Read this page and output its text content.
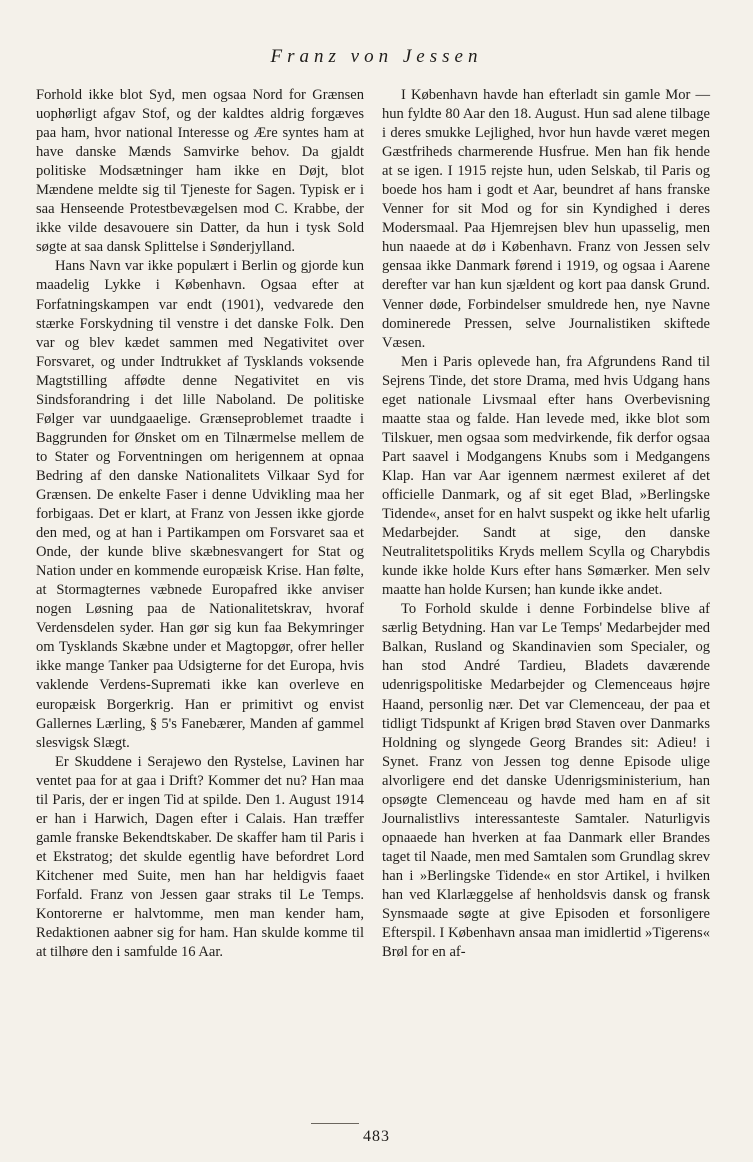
Franz von Jessen

Forhold ikke blot Syd, men ogsaa Nord for Grænsen uophørligt afgav Stof, og der kaldtes aldrig forgæves paa ham, hvor national Interesse og Ære syntes ham at have danske Mænds Samvirke behov. Da gjaldt politiske Modsætninger ham ikke en Døjt, blot Mændene meldte sig til Tjeneste for Sagen. Typisk er i saa Henseende Protestbevægelsen mod C. Krabbe, der ikke vilde desavouere sin Datter, da hun i tysk Sold søgte at saa dansk Splittelse i Sønderjylland.

Hans Navn var ikke populært i Berlin og gjorde kun maadelig Lykke i København. Ogsaa efter at Forfatningskampen var endt (1901), vedvarede den stærke Forskydning til venstre i det danske Folk. Den var og blev kædet sammen med Negativitet over Forsvaret, og under Indtrukket af Tysklands voksende Magtstilling affødte denne Negativitet en vis Sindsforandring i det lille Naboland. De politiske Følger var uundgaaelige. Grænseproblemet traadte i Baggrunden for Ønsket om en Tilnærmelse mellem de to Stater og Forventningen om herigennem at opnaa Bedring af den danske Nationalitets Vilkaar Syd for Grænsen. De enkelte Faser i denne Udvikling maa her forbigaas. Det er klart, at Franz von Jessen ikke gjorde den med, og at han i Partikampen om Forsvaret saa et Onde, der kunde blive skæbnesvangert for Stat og Nation under en kommende europæisk Krise. Han følte, at Stormagternes væbnede Europafred ikke anviser nogen Løsning paa de Nationalitetskrav, hvoraf Verdensdelen syder. Han gør sig kun faa Bekymringer om Tysklands Skæbne under et Magtopgør, ofrer heller ikke mange Tanker paa Udsigterne for det Europa, hvis vaklende Verdens-Supremati ikke kan overleve en europæisk Borgerkrig. Han er primitivt og envist Gallernes Lærling, § 5's Fanebærer, Manden af gammel slesvigsk Slægt.

Er Skuddene i Serajewo den Rystelse, Lavinen har ventet paa for at gaa i Drift? Kommer det nu? Han maa til Paris, der er ingen Tid at spilde. Den 1. August 1914 er han i Harwich, Dagen efter i Calais. Han træffer gamle franske Bekendtskaber. De skaffer ham til Paris i et Ekstratog; det skulde egentlig have befordret Lord Kitchener med Suite, men han har heldigvis faaet Forfald. Franz von Jessen gaar straks til Le Temps. Kontorerne er halvtomme, men man kender ham, Redaktionen aabner sig for ham. Han skulde komme til at tilhøre den i samfulde 16 Aar.

I København havde han efterladt sin gamle Mor — hun fyldte 80 Aar den 18. August. Hun sad alene tilbage i deres smukke Lejlighed, hvor hun havde været megen Gæstfriheds charmerende Husfrue. Men han fik hende at se igen. I 1915 rejste hun, uden Selskab, til Paris og boede hos ham i godt et Aar, beundret af hans franske Venner for sit Mod og for sin Kyndighed i deres Modersmaal. Paa Hjemrejsen blev hun upasselig, men hun naaede at dø i København. Franz von Jessen selv gensaa ikke Danmark førend i 1919, og ogsaa i Aarene derefter var han kun sjældent og kort paa dansk Grund. Venner døde, Forbindelser smuldrede hen, nye Navne dominerede Pressen, selve Journalistiken skiftede Væsen.

Men i Paris oplevede han, fra Afgrundens Rand til Sejrens Tinde, det store Drama, med hvis Udgang hans eget nationale Livsmaal efter hans Overbevisning maatte staa og falde. Han levede med, ikke blot som Tilskuer, men ogsaa som medvirkende, fik derfor ogsaa Part saavel i Modgangens Knubs som i Medgangens Klap. Han var Aar igennem nærmest exileret af det officielle Danmark, og af sit eget Blad, »Berlingske Tidende«, anset for en halvt suspekt og ikke helt ufarlig Medarbejder. Sandt at sige, den danske Neutralitetspolitiks Kryds mellem Scylla og Charybdis kunde ikke holde Kurs efter hans Sømærker. Men selv maatte han holde Kursen; han kunde ikke andet.

To Forhold skulde i denne Forbindelse blive af særlig Betydning. Han var Le Temps' Medarbejder med Balkan, Rusland og Skandinavien som Specialer, og han stod André Tardieu, Bladets daværende udenrigspolitiske Medarbejder og Clemenceaus højre Haand, personlig nær. Det var Clemenceau, der paa et tidligt Tidspunkt af Krigen brød Staven over Danmarks Holdning og slyngede Georg Brandes sit: Adieu! i Synet. Franz von Jessen tog denne Episode ulige alvorligere end det danske Udenrigsministerium, han opsøgte Clemenceau og havde med ham en af sit Journalistlivs interessanteste Samtaler. Naturligvis opnaaede han hverken at faa Danmark eller Brandes taget til Naade, men med Samtalen som Grundlag skrev han i »Berlingske Tidende« en stor Artikel, i hvilken han ved Klarlæggelse af henholdsvis dansk og fransk Synsmaade søgte at give Episoden et forsonligere Efterspil. I København ansaa man imidlertid »Tigerens« Brøl for en af-

483
